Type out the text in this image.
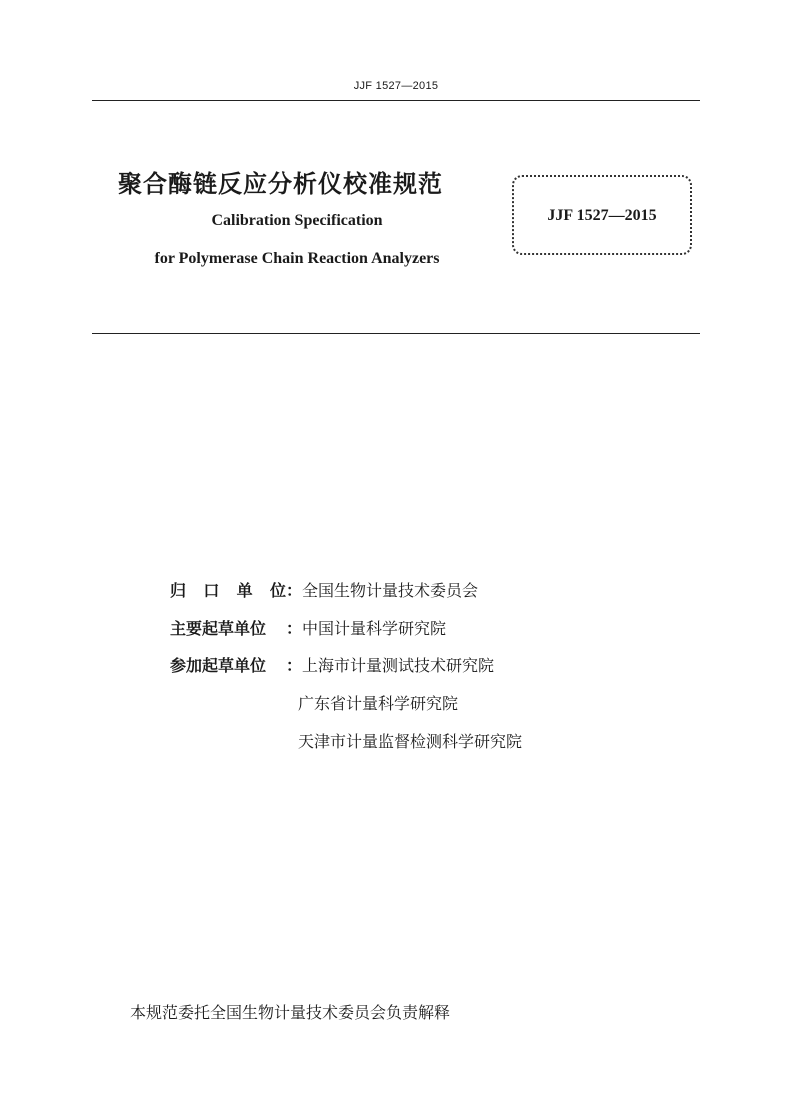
JJF 1527—2015
聚合酶链反应分析仪校准规范
Calibration Specification
for Polymerase Chain Reaction Analyzers
JJF 1527—2015
归 口 单 位 ： 全国生物计量技术委员会
主要起草单位	： 中国计量科学研究院
参加起草单位	： 上海市计量测试技术研究院
广东省计量科学研究院
天津市计量监督检测科学研究院
本规范委托全国生物计量技术委员会负责解释
